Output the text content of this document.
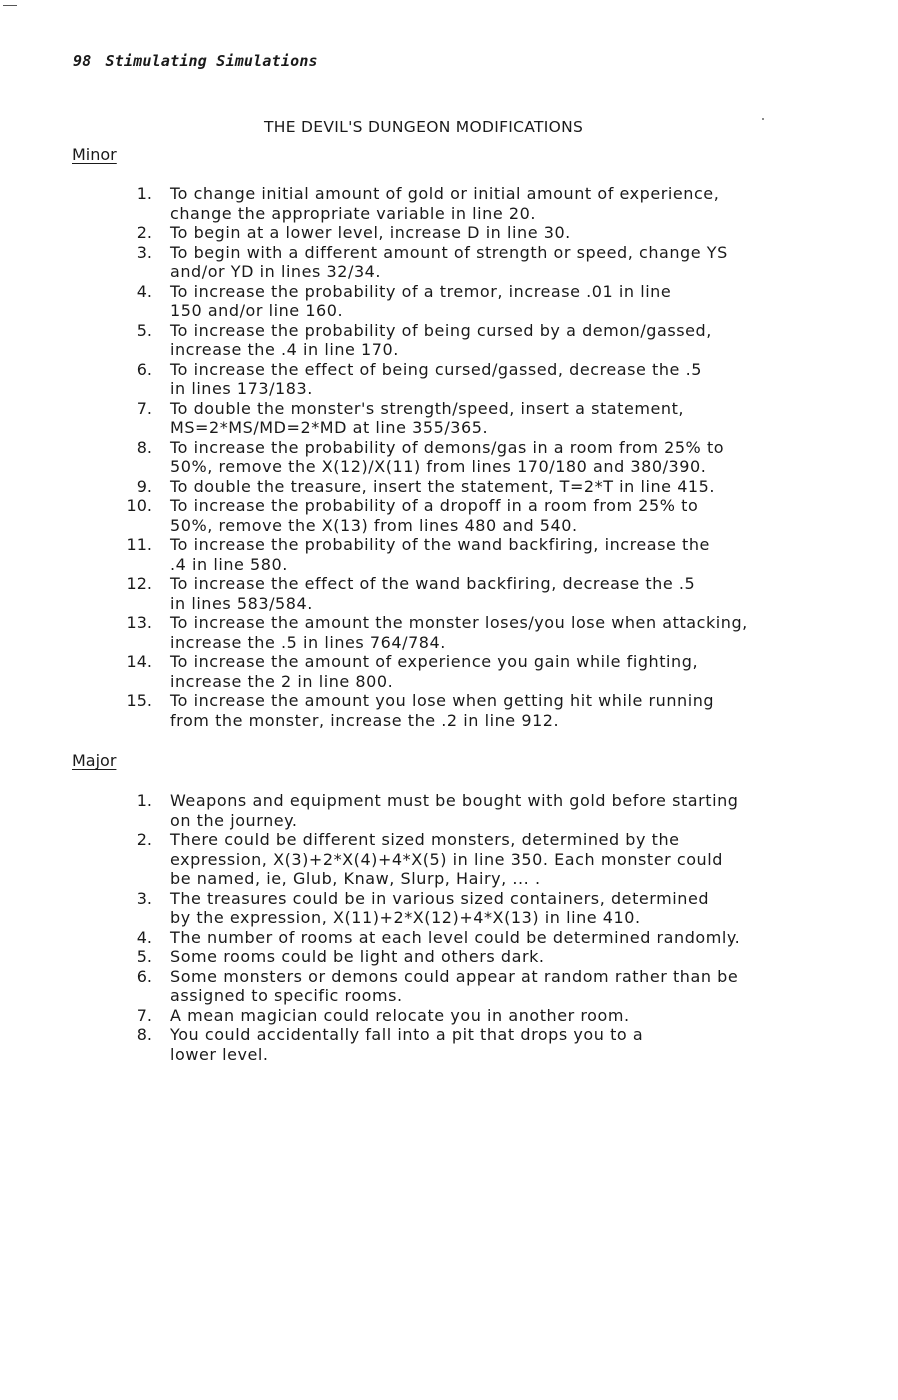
98 Stimulating Simulations
THE DEVIL'S DUNGEON MODIFICATIONS
Minor
1. To change initial amount of gold or initial amount of experience,
change the appropriate variable in line 20.
2. To begin at a lower level, increase D in line 30.
3. To begin with a different amount of strength or speed, change YS
and/or YD in lines 32/34.
4. To increase the probability of a tremor, increase .01 in line
150 and/or line 160.
5. To increase the probability of being cursed by a demon/gassed,
increase the .4 in line 170.
6. To increase the effect of being cursed/gassed, decrease the .5
in lines 173/183.
7. To double the monster's strength/speed, insert a statement,
MS=2*MS/MD=2*MD at line 355/365.
8. To increase the probability of demons/gas in a room from 25% to
50%, remove the X(12)/X(11) from lines 170/180 and 380/390.
9. To double the treasure, insert the statement, T=2*T in line 415.
10. To increase the probability of a dropoff in a room from 25% to
50%, remove the X(13) from lines 480 and 540.
11. To increase the probability of the wand backfiring, increase the
.4 in line 580.
12. To increase the effect of the wand backfiring, decrease the .5
in lines 583/584.
13. To increase the amount the monster loses/you lose when attacking,
increase the .5 in lines 764/784.
14. To increase the amount of experience you gain while fighting,
increase the 2 in line 800.
15. To increase the amount you lose when getting hit while running
from the monster, increase the .2 in line 912.
Major
1. Weapons and equipment must be bought with gold before starting
on the journey.
2. There could be different sized monsters, determined by the
expression, X(3)+2*X(4)+4*X(5) in line 350. Each monster could
be named, ie, Glub, Knaw, Slurp, Hairy, ... .
3. The treasures could be in various sized containers, determined
by the expression, X(11)+2*X(12)+4*X(13) in line 410.
4. The number of rooms at each level could be determined randomly.
5. Some rooms could be light and others dark.
6. Some monsters or demons could appear at random rather than be
assigned to specific rooms.
7. A mean magician could relocate you in another room.
8. You could accidentally fall into a pit that drops you to a
lower level.
